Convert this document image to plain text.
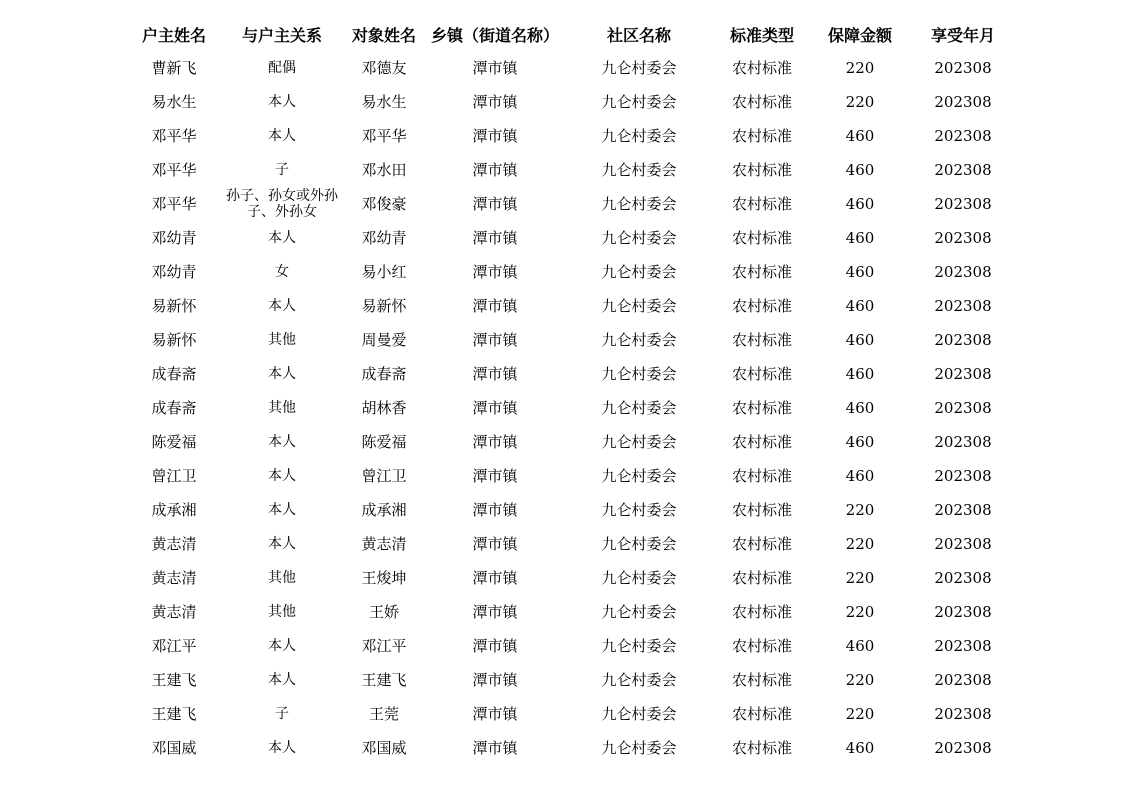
户主姓名	与户主关系	对象姓名	乡镇（街道名称）	社区名称	标准类型	保障金额	享受年月
曹新飞	配偶	邓德友	潭市镇	九仑村委会	农村标准	220	202308
易水生	本人	易水生	潭市镇	九仑村委会	农村标准	220	202308
邓平华	本人	邓平华	潭市镇	九仑村委会	农村标准	460	202308
邓平华	子	邓水田	潭市镇	九仑村委会	农村标准	460	202308
邓平华	孙子、孙女或外孙子、外孙女	邓俊豪	潭市镇	九仑村委会	农村标准	460	202308
邓幼青	本人	邓幼青	潭市镇	九仑村委会	农村标准	460	202308
邓幼青	女	易小红	潭市镇	九仑村委会	农村标准	460	202308
易新怀	本人	易新怀	潭市镇	九仑村委会	农村标准	460	202308
易新怀	其他	周曼爱	潭市镇	九仑村委会	农村标准	460	202308
成春斋	本人	成春斋	潭市镇	九仑村委会	农村标准	460	202308
成春斋	其他	胡林香	潭市镇	九仑村委会	农村标准	460	202308
陈爱福	本人	陈爱福	潭市镇	九仑村委会	农村标准	460	202308
曾江卫	本人	曾江卫	潭市镇	九仑村委会	农村标准	460	202308
成承湘	本人	成承湘	潭市镇	九仑村委会	农村标准	220	202308
黄志清	本人	黄志清	潭市镇	九仑村委会	农村标准	220	202308
黄志清	其他	王焌坤	潭市镇	九仑村委会	农村标准	220	202308
黄志清	其他	王娇	潭市镇	九仑村委会	农村标准	220	202308
邓江平	本人	邓江平	潭市镇	九仑村委会	农村标准	460	202308
王建飞	本人	王建飞	潭市镇	九仑村委会	农村标准	220	202308
王建飞	子	王莞	潭市镇	九仑村委会	农村标准	220	202308
邓国威	本人	邓国威	潭市镇	九仑村委会	农村标准	460	202308
